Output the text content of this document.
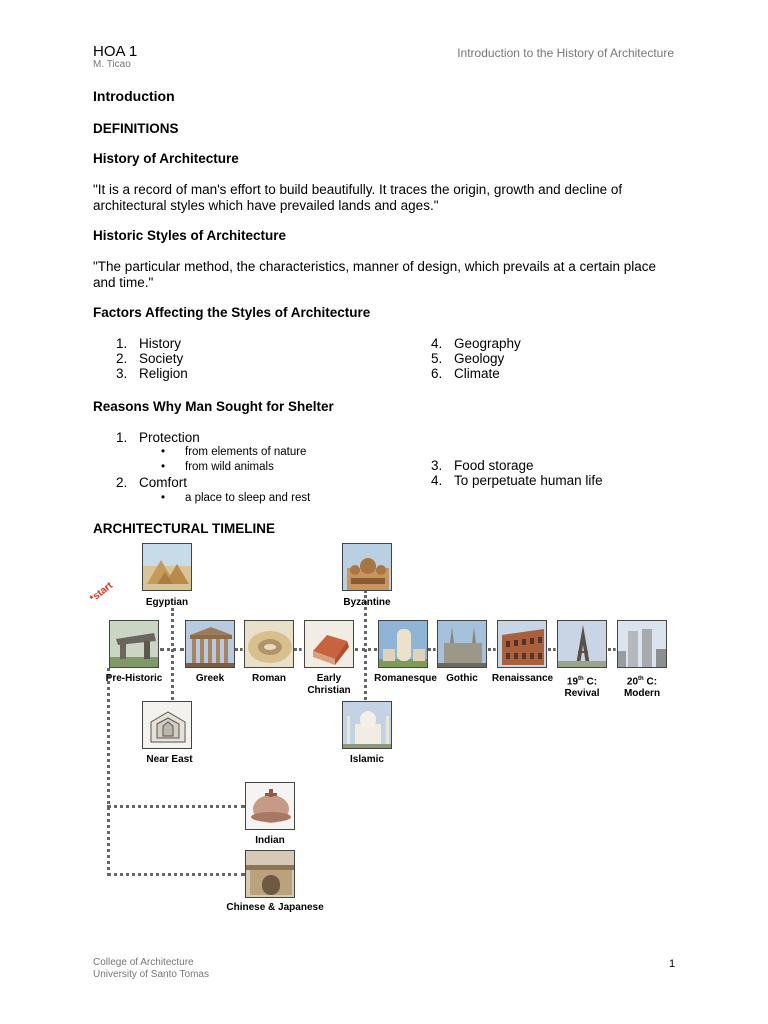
HOA 1
M. Ticao
Introduction to the History of Architecture
Introduction
DEFINITIONS
History of Architecture
"It is a record of man's effort to build beautifully. It traces the origin, growth and decline of architectural styles which have prevailed lands and ages."
Historic Styles of Architecture
"The particular method, the characteristics, manner of design, which prevails at a certain place and time."
Factors Affecting the Styles of Architecture
1. History
2. Society
3. Religion
4. Geography
5. Geology
6. Climate
Reasons Why Man Sought for Shelter
1. Protection
• from elements of nature
• from wild animals
2. Comfort
• a place to sleep and rest
3. Food storage
4. To perpetuate human life
ARCHITECTURAL TIMELINE
*start	Egyptian	Byzantine
Pre-Historic	Greek	Roman	Early
Christian
Romanesque Gothic	Renaissance	19th C:
Revival
20th C:
Modern
Near East	Islamic
Indian
Chinese & Japanese
College of Architecture
University of Santo Tomas
1
